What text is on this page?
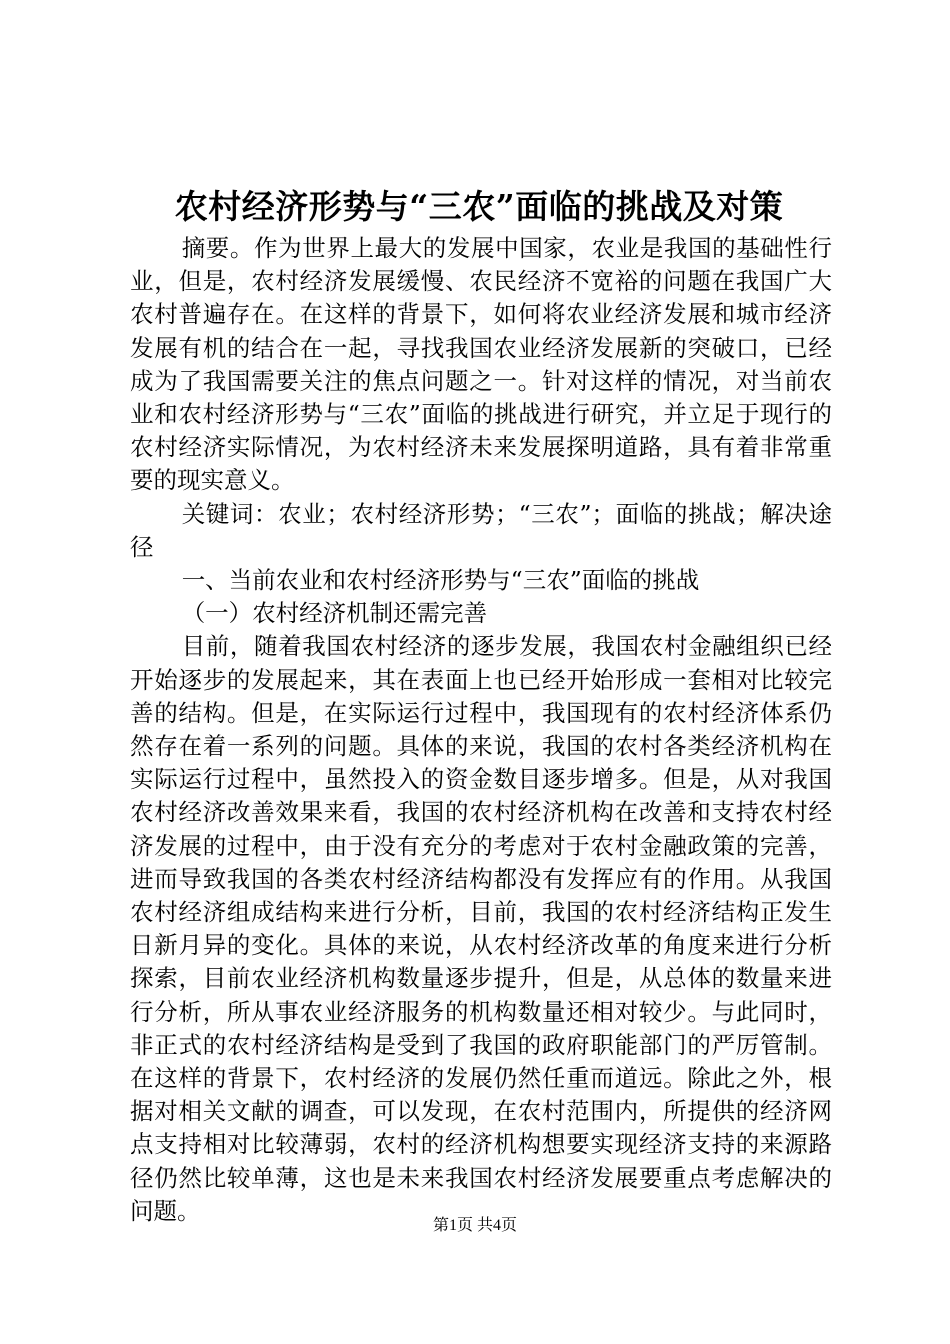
农村经济形势与“三农”面临的挑战及对策

摘要。作为世界上最大的发展中国家，农业是我国的基础性行业，但是，农村经济发展缓慢、农民经济不宽裕的问题在我国广大农村普遍存在。在这样的背景下，如何将农业经济发展和城市经济发展有机的结合在一起，寻找我国农业经济发展新的突破口，已经成为了我国需要关注的焦点问题之一。针对这样的情况，对当前农业和农村经济形势与“三农”面临的挑战进行研究，并立足于现行的农村经济实际情况，为农村经济未来发展探明道路，具有着非常重要的现实意义。

关键词：农业；农村经济形势；“三农”；面临的挑战；解决途径

一、当前农业和农村经济形势与“三农”面临的挑战

（一）农村经济机制还需完善

目前，随着我国农村经济的逐步发展，我国农村金融组织已经开始逐步的发展起来，其在表面上也已经开始形成一套相对比较完善的结构。但是，在实际运行过程中，我国现有的农村经济体系仍然存在着一系列的问题。具体的来说，我国的农村各类经济机构在实际运行过程中，虽然投入的资金数目逐步增多。但是，从对我国农村经济改善效果来看，我国的农村经济机构在改善和支持农村经济发展的过程中，由于没有充分的考虑对于农村金融政策的完善，进而导致我国的各类农村经济结构都没有发挥应有的作用。从我国农村经济组成结构来进行分析，目前，我国的农村经济结构正发生日新月异的变化。具体的来说，从农村经济改革的角度来进行分析探索，目前农业经济机构数量逐步提升，但是，从总体的数量来进行分析，所从事农业经济服务的机构数量还相对较少。与此同时，非正式的农村经济结构是受到了我国的政府职能部门的严厉管制。在这样的背景下，农村经济的发展仍然任重而道远。除此之外，根据对相关文献的调查，可以发现，在农村范围内，所提供的经济网点支持相对比较薄弱，农村的经济机构想要实现经济支持的来源路径仍然比较单薄，这也是未来我国农村经济发展要重点考虑解决的问题。

第1页 共4页
